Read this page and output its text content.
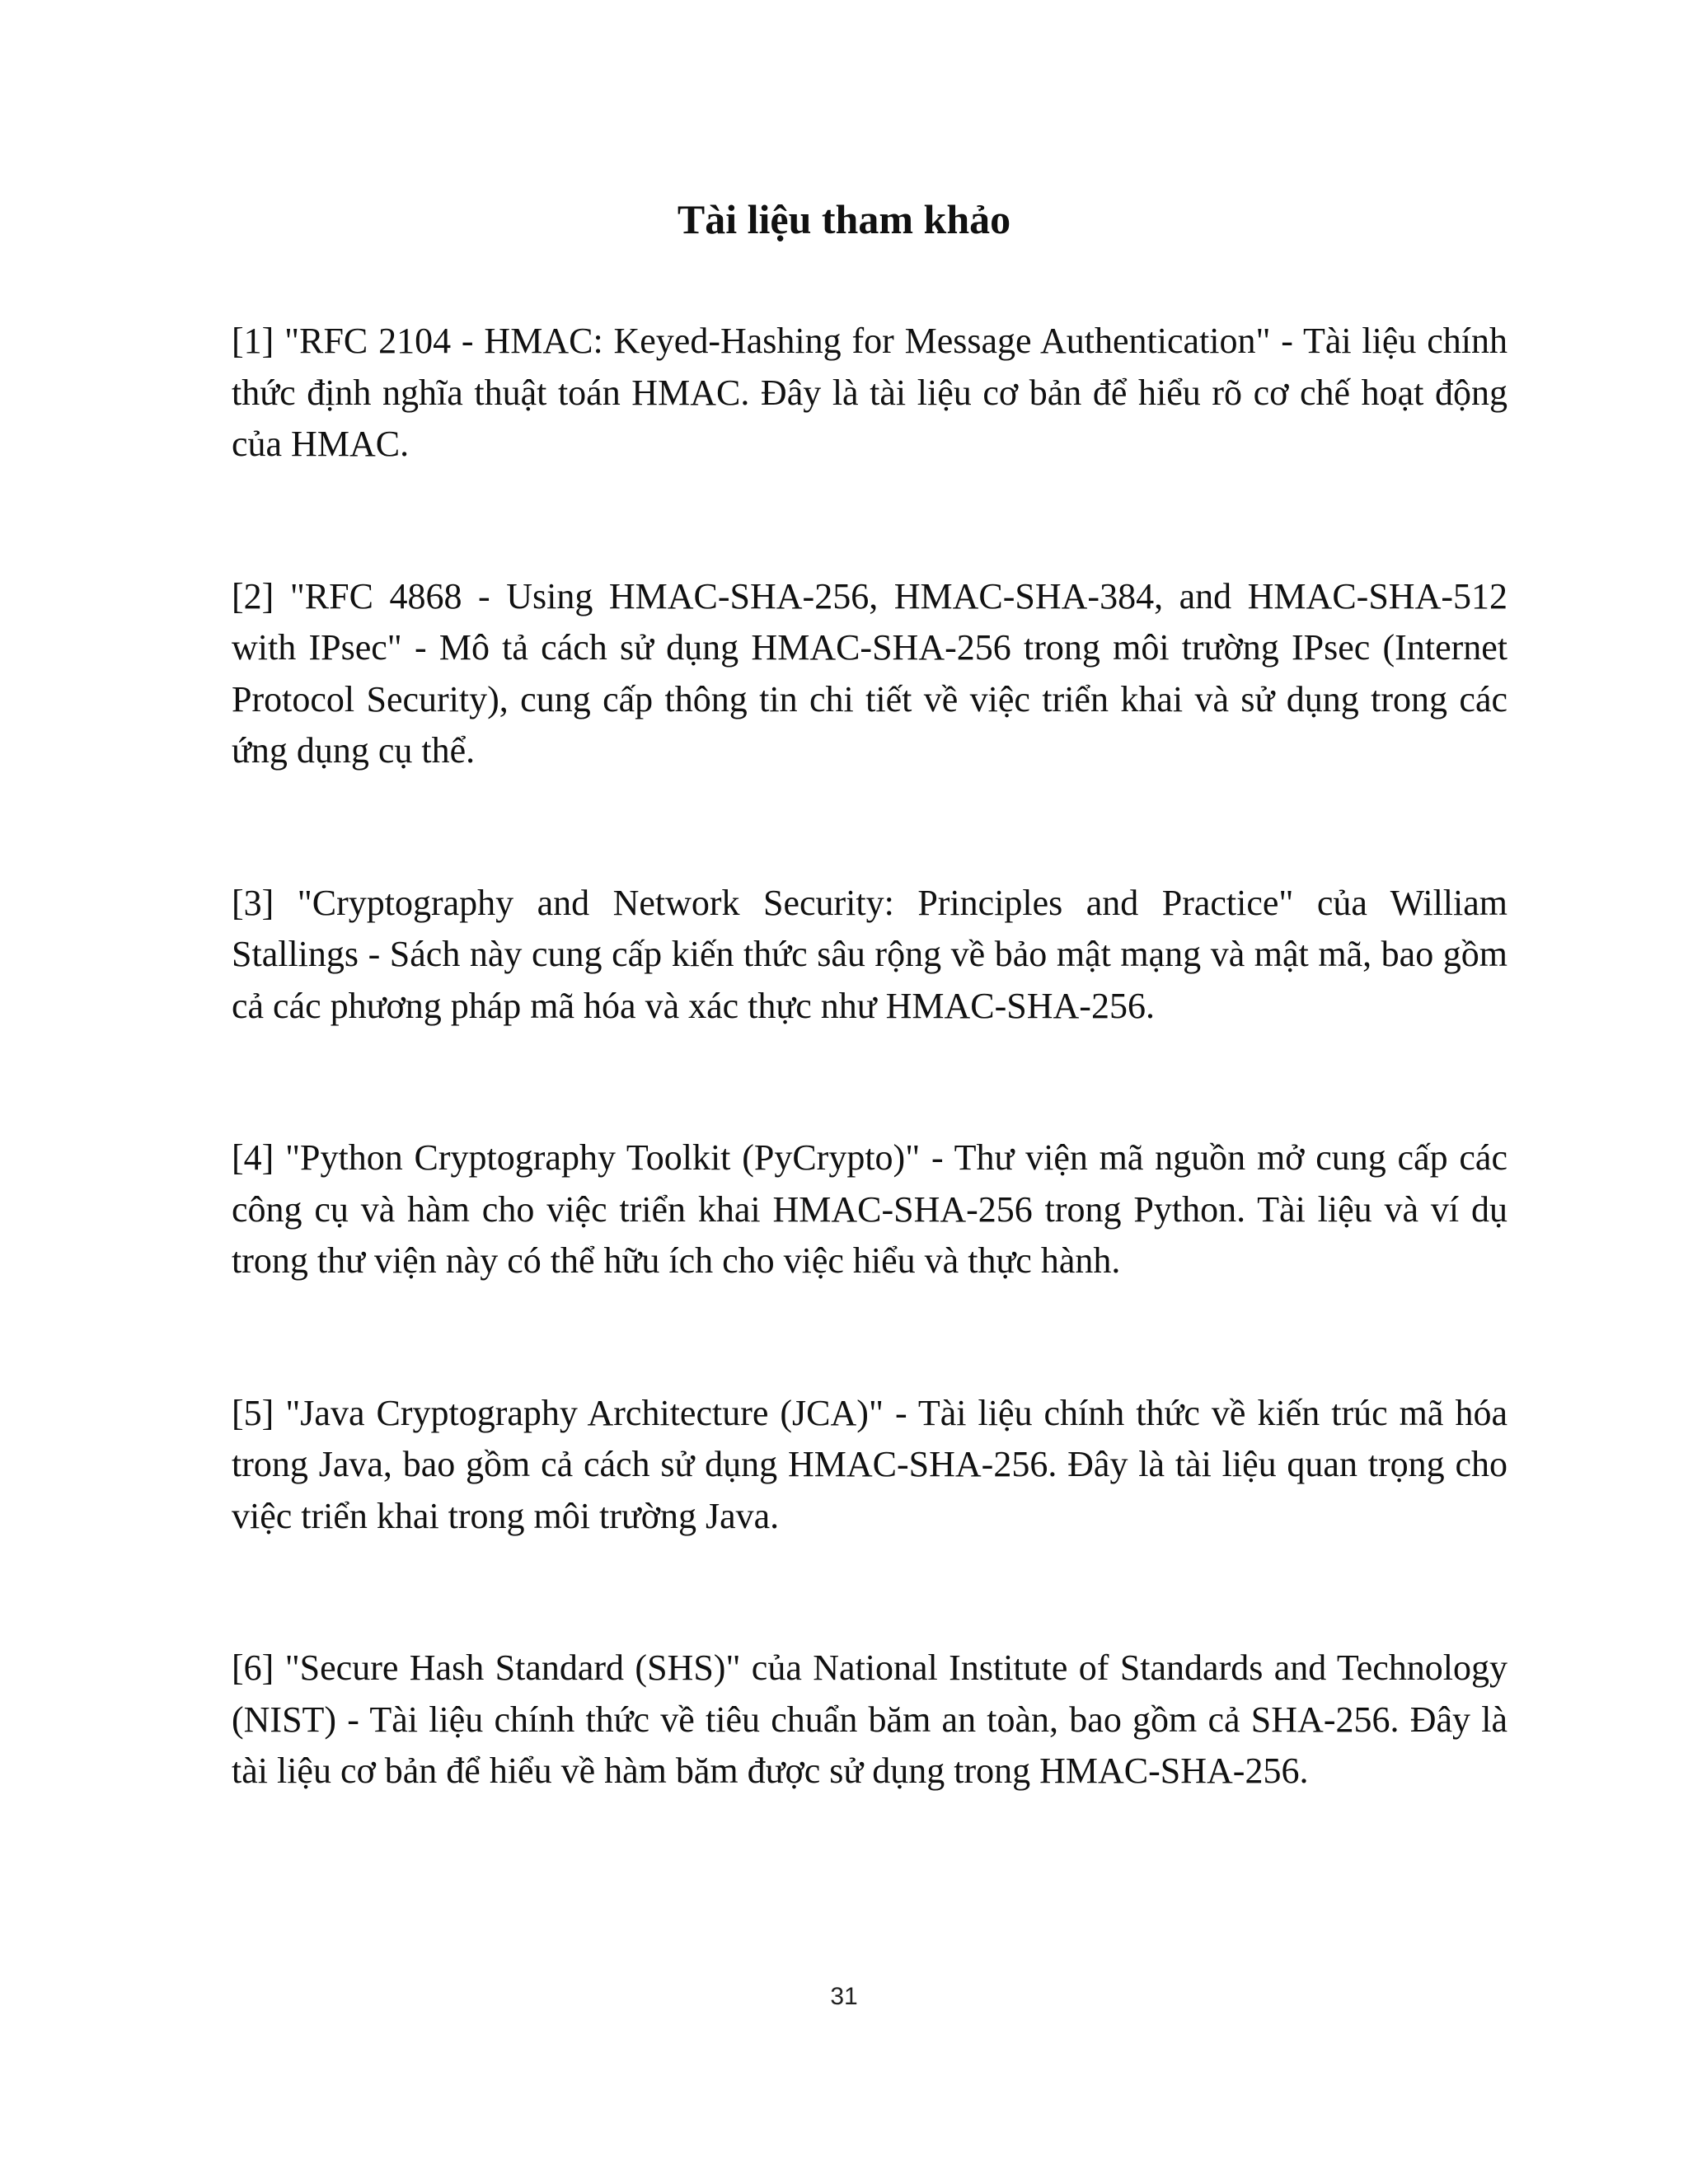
Tài liệu tham khảo
[1] "RFC 2104 - HMAC: Keyed-Hashing for Message Authentication" - Tài liệu chính thức định nghĩa thuật toán HMAC. Đây là tài liệu cơ bản để hiểu rõ cơ chế hoạt động của HMAC.
[2] "RFC 4868 - Using HMAC-SHA-256, HMAC-SHA-384, and HMAC-SHA-512 with IPsec" - Mô tả cách sử dụng HMAC-SHA-256 trong môi trường IPsec (Internet Protocol Security), cung cấp thông tin chi tiết về việc triển khai và sử dụng trong các ứng dụng cụ thể.
[3] "Cryptography and Network Security: Principles and Practice" của William Stallings - Sách này cung cấp kiến thức sâu rộng về bảo mật mạng và mật mã, bao gồm cả các phương pháp mã hóa và xác thực như HMAC-SHA-256.
[4] "Python Cryptography Toolkit (PyCrypto)" - Thư viện mã nguồn mở cung cấp các công cụ và hàm cho việc triển khai HMAC-SHA-256 trong Python. Tài liệu và ví dụ trong thư viện này có thể hữu ích cho việc hiểu và thực hành.
[5] "Java Cryptography Architecture (JCA)" - Tài liệu chính thức về kiến trúc mã hóa trong Java, bao gồm cả cách sử dụng HMAC-SHA-256. Đây là tài liệu quan trọng cho việc triển khai trong môi trường Java.
[6] "Secure Hash Standard (SHS)" của National Institute of Standards and Technology (NIST) - Tài liệu chính thức về tiêu chuẩn băm an toàn, bao gồm cả SHA-256. Đây là tài liệu cơ bản để hiểu về hàm băm được sử dụng trong HMAC-SHA-256.
31
